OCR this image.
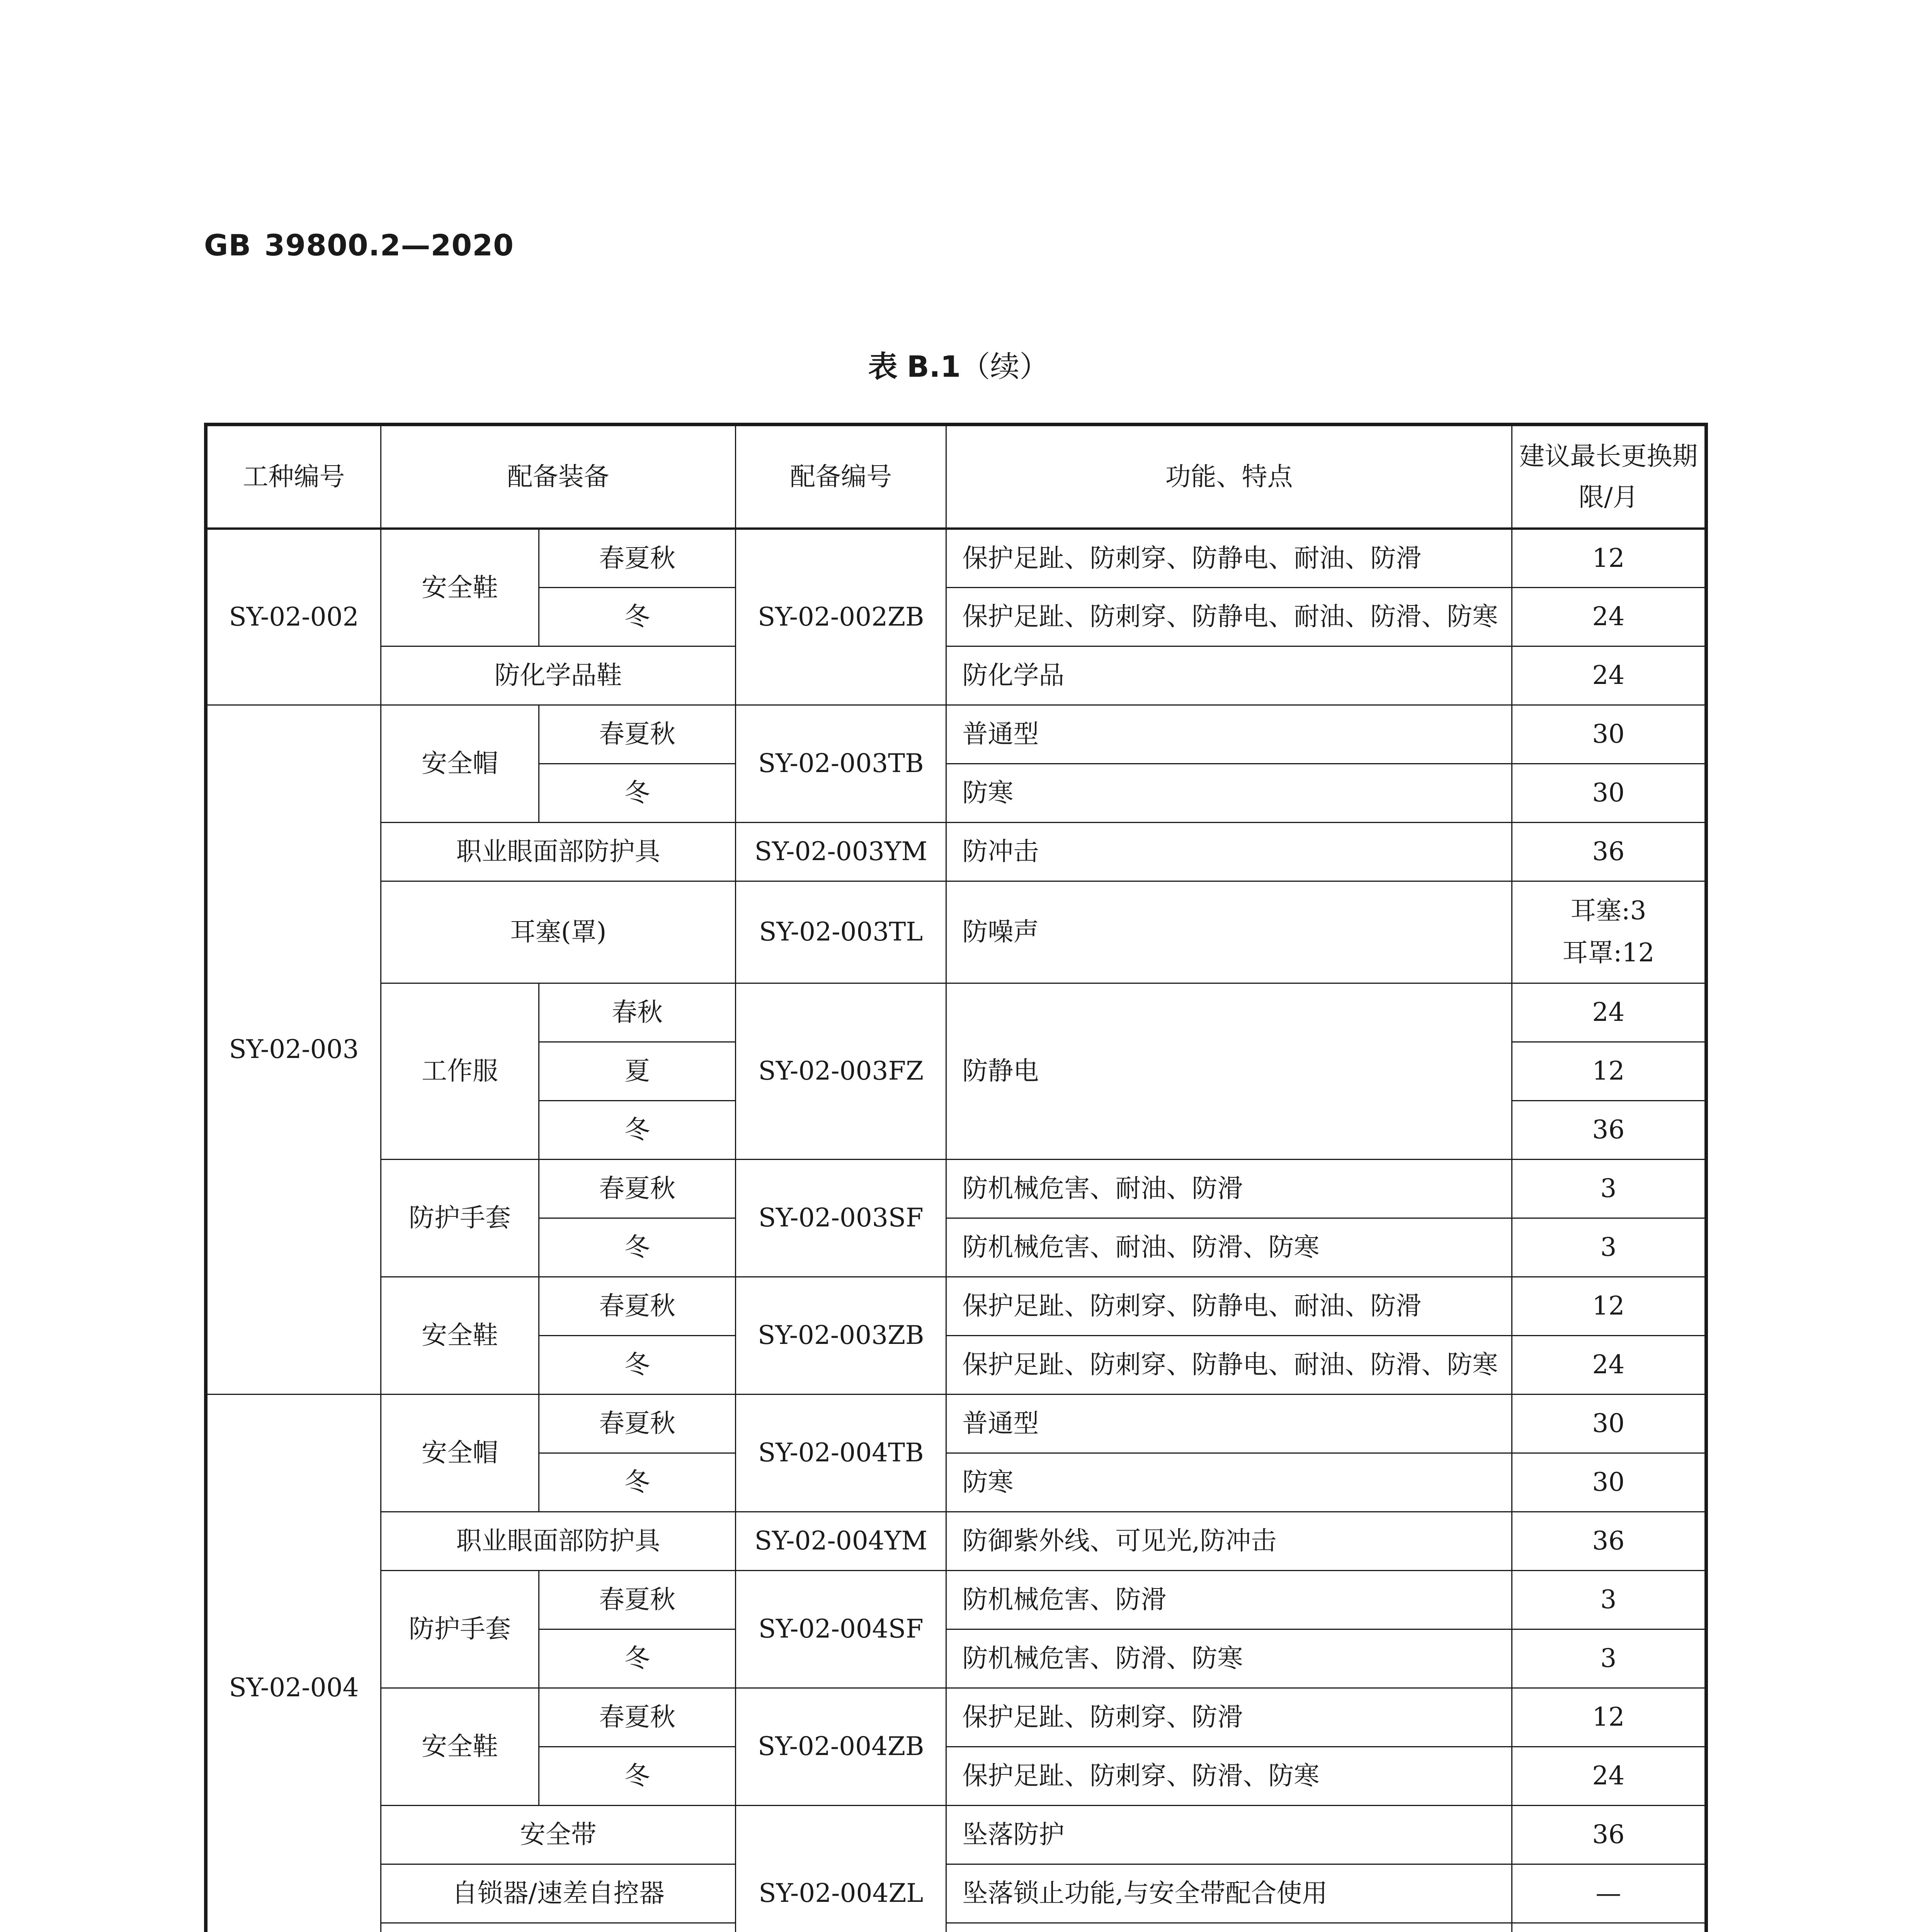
GB 39800.2—2020
表 B.1（续）
工种编号	配备装备		配备编号	功能、特点	建议最长更换期限/月
SY-02-002	安全鞋	春夏秋	SY-02-002ZB	保护足趾、防刺穿、防静电、耐油、防滑	12
		冬		保护足趾、防刺穿、防静电、耐油、防滑、防寒	24
	防化学品鞋			防化学品	24
SY-02-003	安全帽	春夏秋	SY-02-003TB	普通型	30
		冬		防寒	30
	职业眼面部防护具		SY-02-003YM	防冲击	36
	耳塞(罩)		SY-02-003TL	防噪声	耳塞:3
耳罩:12
	工作服	春秋	SY-02-003FZ	防静电	24
		夏			12
		冬			36
	防护手套	春夏秋	SY-02-003SF	防机械危害、耐油、防滑	3
		冬		防机械危害、耐油、防滑、防寒	3
	安全鞋	春夏秋	SY-02-003ZB	保护足趾、防刺穿、防静电、耐油、防滑	12
		冬		保护足趾、防刺穿、防静电、耐油、防滑、防寒	24
SY-02-004	安全帽	春夏秋	SY-02-004TB	普通型	30
		冬		防寒	30
	职业眼面部防护具		SY-02-004YM	防御紫外线、可见光,防冲击	36
	防护手套	春夏秋	SY-02-004SF	防机械危害、防滑	3
		冬		防机械危害、防滑、防寒	3
	安全鞋	春夏秋	SY-02-004ZB	保护足趾、防刺穿、防滑	12
		冬		保护足趾、防刺穿、防滑、防寒	24
	安全带		SY-02-004ZL	坠落防护	36
	自锁器/速差自控器			坠落锁止功能,与安全带配合使用	—
